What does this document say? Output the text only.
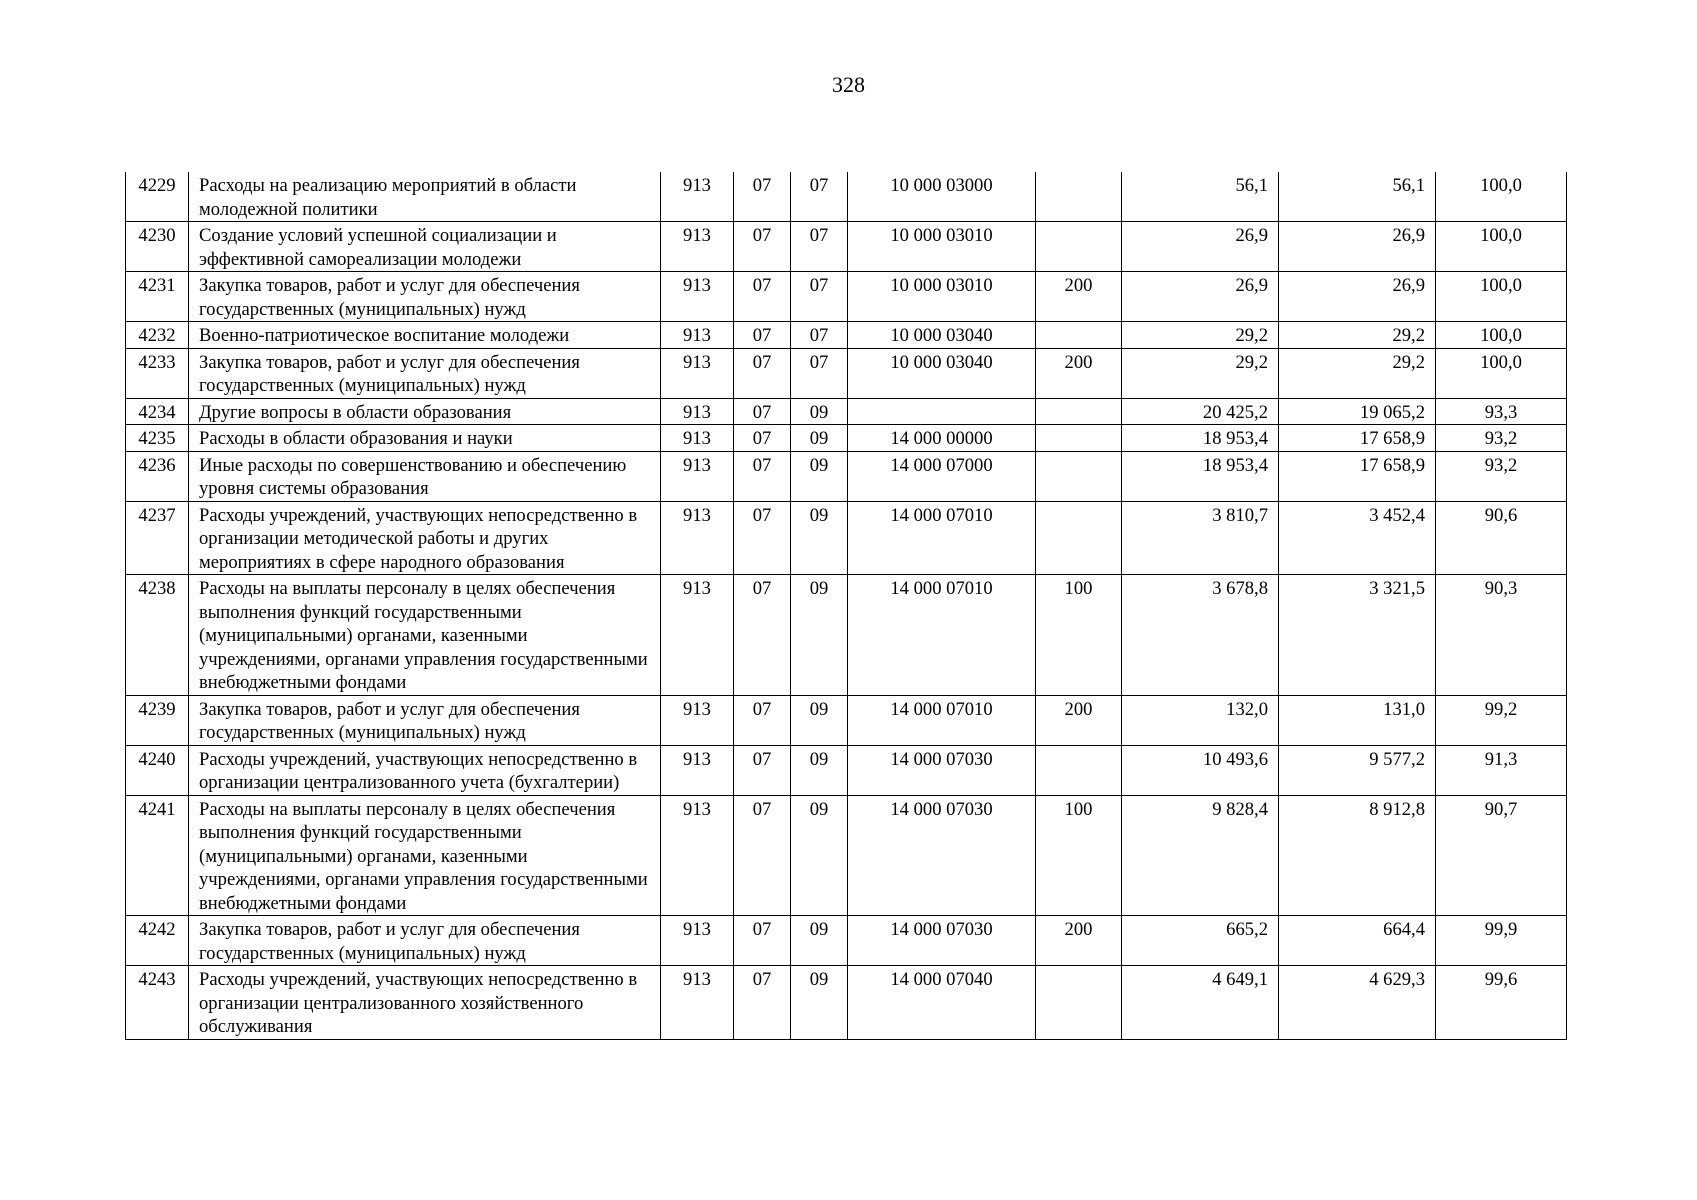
328
4229	Расходы на реализацию мероприятий в области молодежной политики	913	07	07	10 000 03000		56,1	56,1	100,0
4230	Создание условий успешной социализации и эффективной самореализации молодежи	913	07	07	10 000 03010		26,9	26,9	100,0
4231	Закупка товаров, работ и услуг для обеспечения государственных (муниципальных) нужд	913	07	07	10 000 03010	200	26,9	26,9	100,0
4232	Военно-патриотическое воспитание молодежи	913	07	07	10 000 03040		29,2	29,2	100,0
4233	Закупка товаров, работ и услуг для обеспечения государственных (муниципальных) нужд	913	07	07	10 000 03040	200	29,2	29,2	100,0
4234	Другие вопросы в области образования	913	07	09			20 425,2	19 065,2	93,3
4235	Расходы в области образования и науки	913	07	09	14 000 00000		18 953,4	17 658,9	93,2
4236	Иные расходы по совершенствованию и обеспечению уровня системы образования	913	07	09	14 000 07000		18 953,4	17 658,9	93,2
4237	Расходы учреждений, участвующих непосредственно в организации методической работы и других мероприятиях в сфере народного образования	913	07	09	14 000 07010		3 810,7	3 452,4	90,6
4238	Расходы на выплаты персоналу в целях обеспечения выполнения функций государственными (муниципальными) органами, казенными учреждениями, органами управления государственными внебюджетными фондами	913	07	09	14 000 07010	100	3 678,8	3 321,5	90,3
4239	Закупка товаров, работ и услуг для обеспечения государственных (муниципальных) нужд	913	07	09	14 000 07010	200	132,0	131,0	99,2
4240	Расходы учреждений, участвующих непосредственно в организации централизованного учета (бухгалтерии)	913	07	09	14 000 07030		10 493,6	9 577,2	91,3
4241	Расходы на выплаты персоналу в целях обеспечения выполнения функций государственными (муниципальными) органами, казенными учреждениями, органами управления государственными внебюджетными фондами	913	07	09	14 000 07030	100	9 828,4	8 912,8	90,7
4242	Закупка товаров, работ и услуг для обеспечения государственных (муниципальных) нужд	913	07	09	14 000 07030	200	665,2	664,4	99,9
4243	Расходы учреждений, участвующих непосредственно в организации централизованного хозяйственного обслуживания	913	07	09	14 000 07040		4 649,1	4 629,3	99,6
